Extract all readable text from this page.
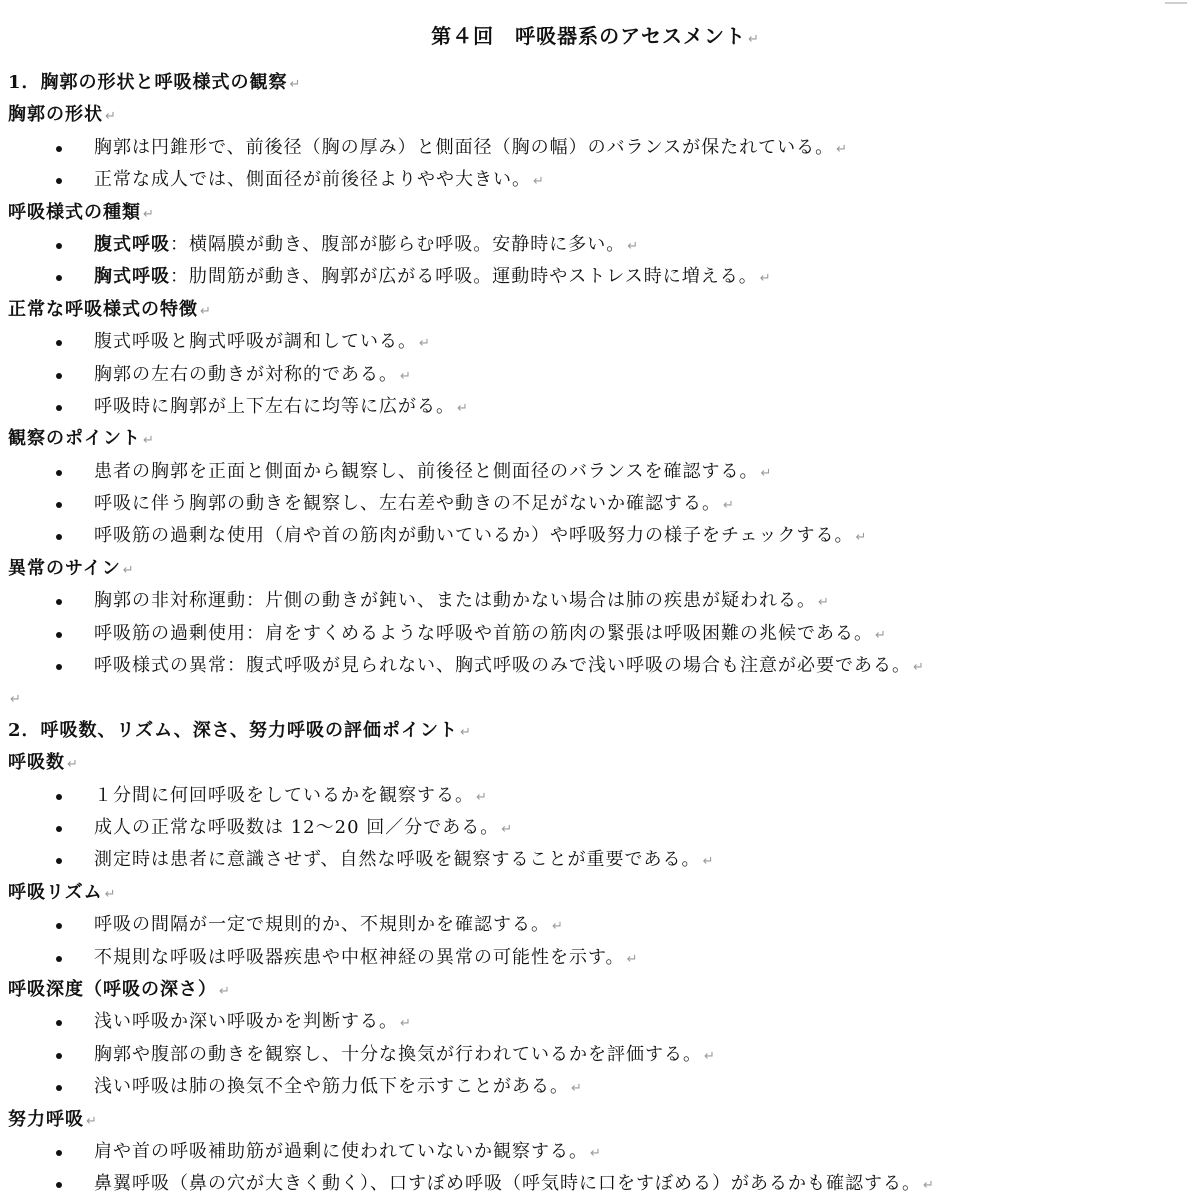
第４回　呼吸器系のアセスメント ↵
1．胸郭の形状と呼吸様式の観察 ↵
胸郭の形状 ↵
胸郭は円錐形で、前後径（胸の厚み）と側面径（胸の幅）のバランスが保たれている。 ↵
正常な成人では、側面径が前後径よりやや大きい。 ↵
呼吸様式の種類 ↵
腹式呼吸：横隔膜が動き、腹部が膨らむ呼吸。安静時に多い。 ↵
胸式呼吸：肋間筋が動き、胸郭が広がる呼吸。運動時やストレス時に増える。 ↵
正常な呼吸様式の特徴 ↵
腹式呼吸と胸式呼吸が調和している。 ↵
胸郭の左右の動きが対称的である。 ↵
呼吸時に胸郭が上下左右に均等に広がる。 ↵
観察のポイント ↵
患者の胸郭を正面と側面から観察し、前後径と側面径のバランスを確認する。 ↵
呼吸に伴う胸郭の動きを観察し、左右差や動きの不足がないか確認する。 ↵
呼吸筋の過剰な使用（肩や首の筋肉が動いているか）や呼吸努力の様子をチェックする。 ↵
異常のサイン ↵
胸郭の非対称運動：片側の動きが鈍い、または動かない場合は肺の疾患が疑われる。 ↵
呼吸筋の過剰使用：肩をすくめるような呼吸や首筋の筋肉の緊張は呼吸困難の兆候である。 ↵
呼吸様式の異常：腹式呼吸が見られない、胸式呼吸のみで浅い呼吸の場合も注意が必要である。 ↵
↵
2．呼吸数、リズム、深さ、努力呼吸の評価ポイント ↵
呼吸数 ↵
１分間に何回呼吸をしているかを観察する。 ↵
成人の正常な呼吸数は 12～20 回／分である。 ↵
測定時は患者に意識させず、自然な呼吸を観察することが重要である。 ↵
呼吸リズム ↵
呼吸の間隔が一定で規則的か、不規則かを確認する。 ↵
不規則な呼吸は呼吸器疾患や中枢神経の異常の可能性を示す。 ↵
呼吸深度（呼吸の深さ） ↵
浅い呼吸か深い呼吸かを判断する。 ↵
胸郭や腹部の動きを観察し、十分な換気が行われているかを評価する。 ↵
浅い呼吸は肺の換気不全や筋力低下を示すことがある。 ↵
努力呼吸 ↵
肩や首の呼吸補助筋が過剰に使われていないか観察する。 ↵
鼻翼呼吸（鼻の穴が大きく動く）、口すぼめ呼吸（呼気時に口をすぼめる）があるかも確認する。 ↵
